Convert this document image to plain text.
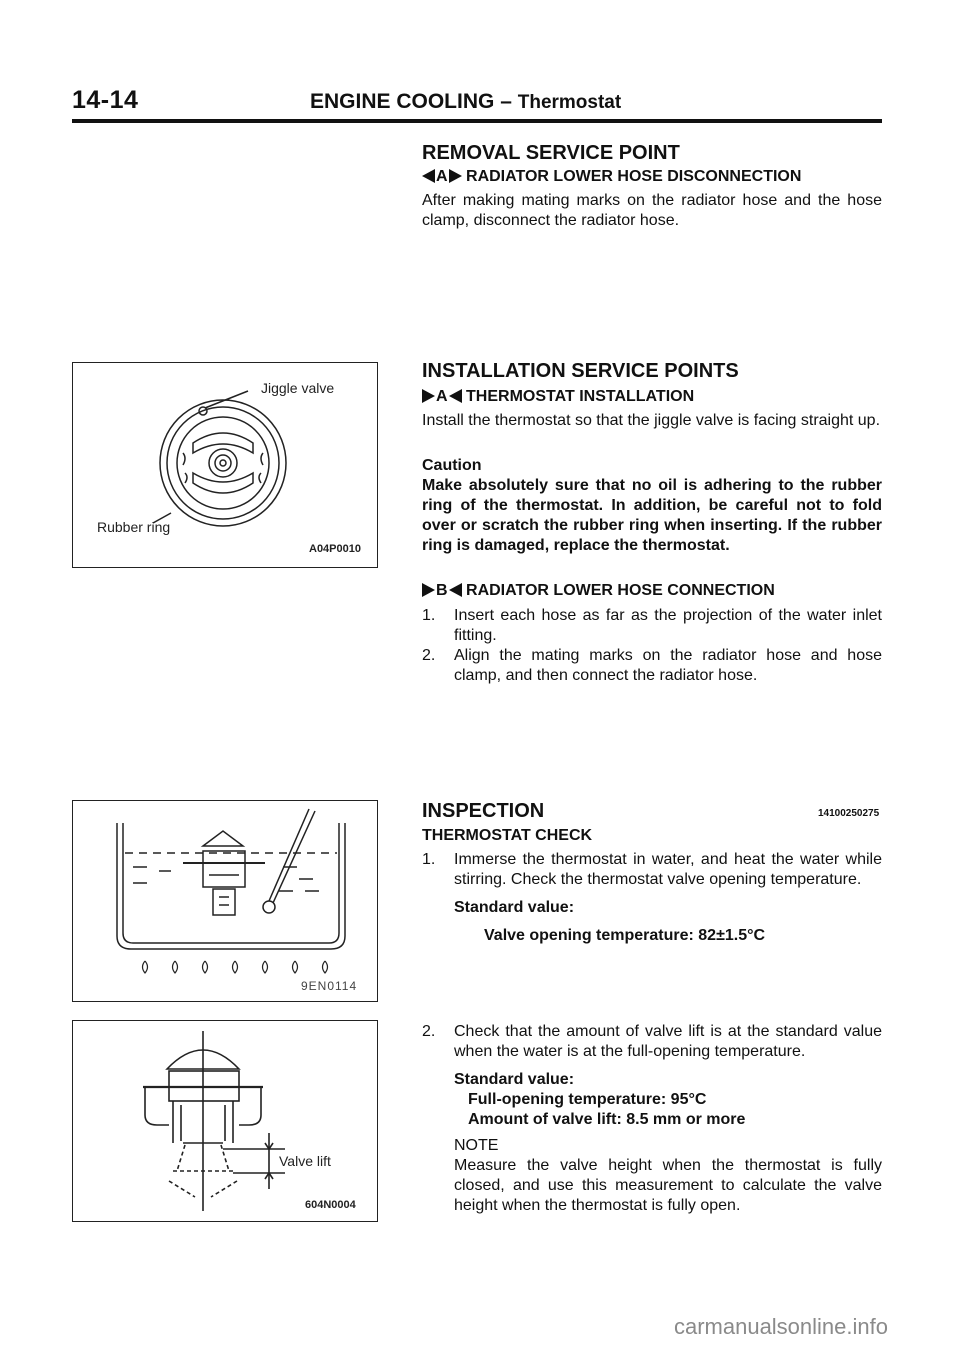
14-14	ENGINE COOLING – Thermostat
REMOVAL SERVICE POINT
A RADIATOR LOWER HOSE DISCONNECTION
After making mating marks on the radiator hose and the hose clamp, disconnect the radiator hose.
Jiggle valve
Rubber ring
A04P0010
INSTALLATION SERVICE POINTS
A THERMOSTAT INSTALLATION
Install the thermostat so that the jiggle valve is facing straight up.
Caution
Make absolutely sure that no oil is adhering to the rubber ring of the thermostat. In addition, be careful not to fold over or scratch the rubber ring when inserting. If the rubber ring is damaged, replace the thermostat.
B RADIATOR LOWER HOSE CONNECTION
1.	Insert each hose as far as the projection of the water inlet fitting.
2.	Align the mating marks on the radiator hose and hose clamp, and then connect the radiator hose.
9EN0114
INSPECTION	14100250275
THERMOSTAT CHECK
1.	Immerse the thermostat in water, and heat the water while stirring. Check the thermostat valve opening temperature.
Standard value:
Valve opening temperature: 82±1.5°C
Valve lift
604N0004
2.	Check that the amount of valve lift is at the standard value when the water is at the full-opening temperature.
Standard value:
Full-opening temperature: 95°C
Amount of valve lift: 8.5 mm or more
NOTE
Measure the valve height when the thermostat is fully closed, and use this measurement to calculate the valve height when the thermostat is fully open.
carmanualsonline.info
